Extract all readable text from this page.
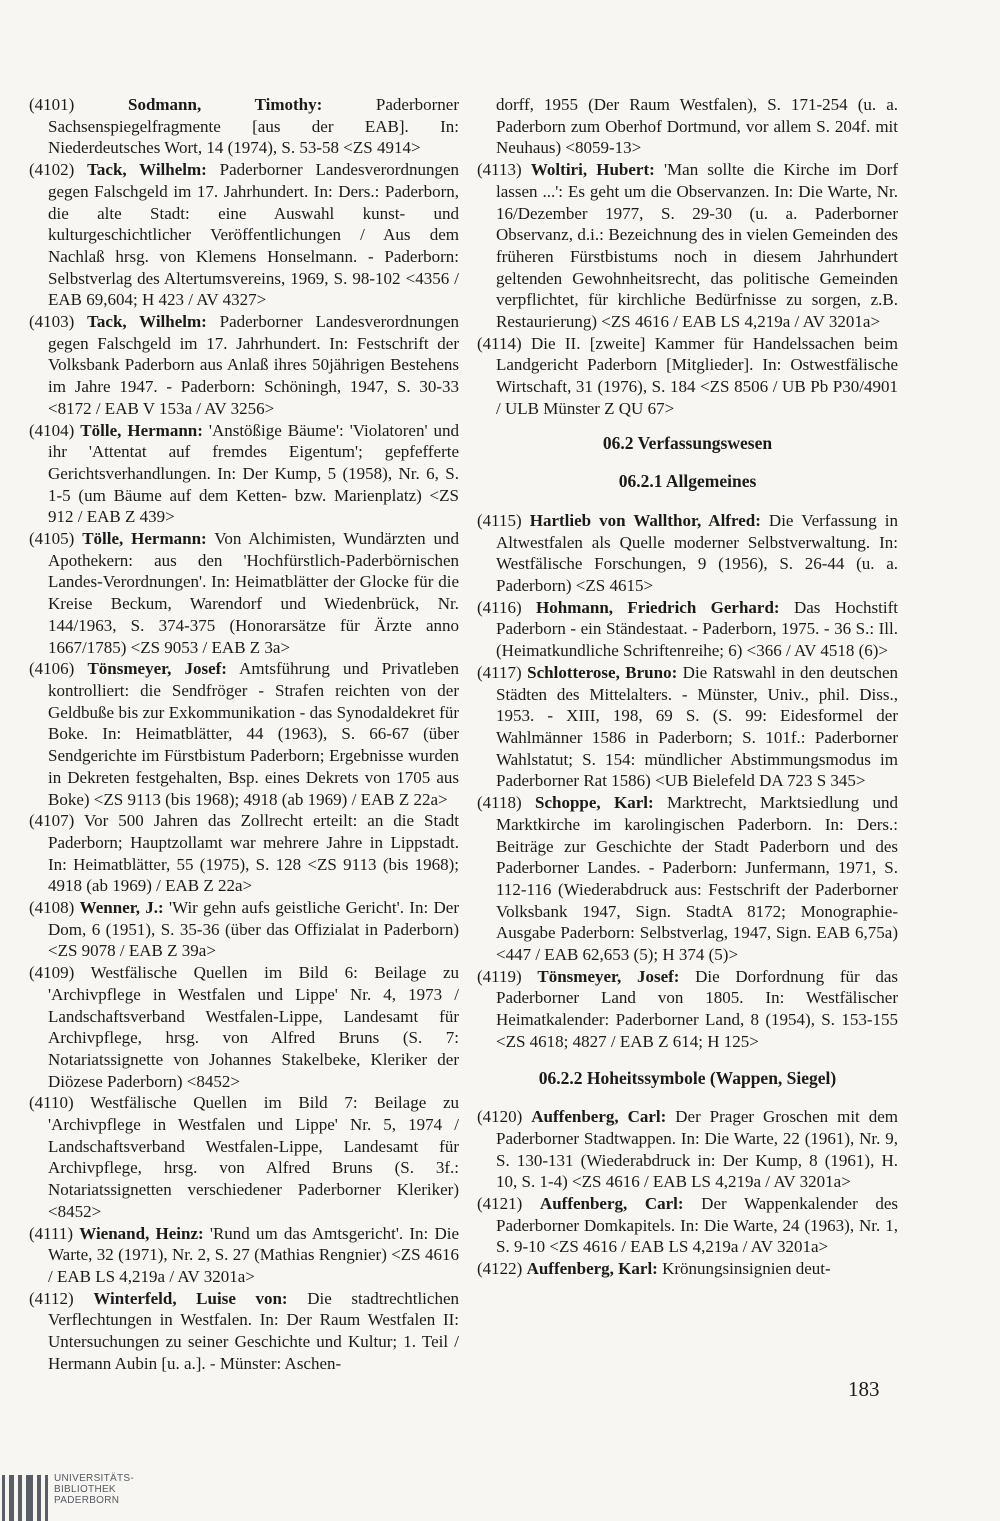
(4101) Sodmann, Timothy: Paderborner Sachsenspiegelfragmente [aus der EAB]. In: Niederdeutsches Wort, 14 (1974), S. 53-58 <ZS 4914>

(4102) Tack, Wilhelm: Paderborner Landesverordnungen gegen Falschgeld im 17. Jahrhundert. In: Ders.: Paderborn, die alte Stadt: eine Auswahl kunst- und kulturgeschichtlicher Veröffentlichungen / Aus dem Nachlaß hrsg. von Klemens Honselmann. - Paderborn: Selbstverlag des Altertumsvereins, 1969, S. 98-102 <4356 / EAB 69,604; H 423 / AV 4327>

(4103) Tack, Wilhelm: Paderborner Landesverordnungen gegen Falschgeld im 17. Jahrhundert. In: Festschrift der Volksbank Paderborn aus Anlaß ihres 50jährigen Bestehens im Jahre 1947. - Paderborn: Schöningh, 1947, S. 30-33 <8172 / EAB V 153a / AV 3256>

(4104) Tölle, Hermann: 'Anstößige Bäume': 'Violatoren' und ihr 'Attentat auf fremdes Eigentum'; gepfefferte Gerichtsverhandlungen. In: Der Kump, 5 (1958), Nr. 6, S. 1-5 (um Bäume auf dem Ketten- bzw. Marienplatz) <ZS 912 / EAB Z 439>

(4105) Tölle, Hermann: Von Alchimisten, Wundärzten und Apothekern: aus den 'Hochfürstlich-Paderbörnischen Landes-Verordnungen'. In: Heimatblätter der Glocke für die Kreise Beckum, Warendorf und Wiedenbrück, Nr. 144/1963, S. 374-375 (Honorarsätze für Ärzte anno 1667/1785) <ZS 9053 / EAB Z 3a>

(4106) Tönsmeyer, Josef: Amtsführung und Privatleben kontrolliert: die Sendfröger - Strafen reichten von der Geldbuße bis zur Exkommunikation - das Synodaldekret für Boke. In: Heimatblätter, 44 (1963), S. 66-67 (über Sendgerichte im Fürstbistum Paderborn; Ergebnisse wurden in Dekreten festgehalten, Bsp. eines Dekrets von 1705 aus Boke) <ZS 9113 (bis 1968); 4918 (ab 1969) / EAB Z 22a>

(4107) Vor 500 Jahren das Zollrecht erteilt: an die Stadt Paderborn; Hauptzollamt war mehrere Jahre in Lippstadt. In: Heimatblätter, 55 (1975), S. 128 <ZS 9113 (bis 1968); 4918 (ab 1969) / EAB Z 22a>

(4108) Wenner, J.: 'Wir gehn aufs geistliche Gericht'. In: Der Dom, 6 (1951), S. 35-36 (über das Offizialat in Paderborn) <ZS 9078 / EAB Z 39a>

(4109) Westfälische Quellen im Bild 6: Beilage zu 'Archivpflege in Westfalen und Lippe' Nr. 4, 1973 / Landschaftsverband Westfalen-Lippe, Landesamt für Archivpflege, hrsg. von Alfred Bruns (S. 7: Notariatssignette von Johannes Stakelbeke, Kleriker der Diözese Paderborn) <8452>

(4110) Westfälische Quellen im Bild 7: Beilage zu 'Archivpflege in Westfalen und Lippe' Nr. 5, 1974 / Landschaftsverband Westfalen-Lippe, Landesamt für Archivpflege, hrsg. von Alfred Bruns (S. 3f.: Notariatssignetten verschiedener Paderborner Kleriker) <8452>

(4111) Wienand, Heinz: 'Rund um das Amtsgericht'. In: Die Warte, 32 (1971), Nr. 2, S. 27 (Mathias Rengnier) <ZS 4616 / EAB LS 4,219a / AV 3201a>

(4112) Winterfeld, Luise von: Die stadtrechtlichen Verflechtungen in Westfalen. In: Der Raum Westfalen II: Untersuchungen zu seiner Geschichte und Kultur; 1. Teil / Hermann Aubin [u. a.]. - Münster: Aschen-

dorff, 1955 (Der Raum Westfalen), S. 171-254 (u. a. Paderborn zum Oberhof Dortmund, vor allem S. 204f. mit Neuhaus) <8059-13>

(4113) Woltiri, Hubert: 'Man sollte die Kirche im Dorf lassen ...': Es geht um die Observanzen. In: Die Warte, Nr. 16/Dezember 1977, S. 29-30 (u. a. Paderborner Observanz, d.i.: Bezeichnung des in vielen Gemeinden des früheren Fürstbistums noch in diesem Jahrhundert geltenden Gewohnheitsrecht, das politische Gemeinden verpflichtet, für kirchliche Bedürfnisse zu sorgen, z.B. Restaurierung) <ZS 4616 / EAB LS 4,219a / AV 3201a>

(4114) Die II. [zweite] Kammer für Handelssachen beim Landgericht Paderborn [Mitglieder]. In: Ostwestfälische Wirtschaft, 31 (1976), S. 184 <ZS 8506 / UB Pb P30/4901 / ULB Münster Z QU 67>

06.2 Verfassungswesen

06.2.1 Allgemeines

(4115) Hartlieb von Wallthor, Alfred: Die Verfassung in Altwestfalen als Quelle moderner Selbstverwaltung. In: Westfälische Forschungen, 9 (1956), S. 26-44 (u. a. Paderborn) <ZS 4615>

(4116) Hohmann, Friedrich Gerhard: Das Hochstift Paderborn - ein Ständestaat. - Paderborn, 1975. - 36 S.: Ill. (Heimatkundliche Schriftenreihe; 6) <366 / AV 4518 (6)>

(4117) Schlotterose, Bruno: Die Ratswahl in den deutschen Städten des Mittelalters. - Münster, Univ., phil. Diss., 1953. - XIII, 198, 69 S. (S. 99: Eidesformel der Wahlmänner 1586 in Paderborn; S. 101f.: Paderborner Wahlstatut; S. 154: mündlicher Abstimmungsmodus im Paderborner Rat 1586) <UB Bielefeld DA 723 S 345>

(4118) Schoppe, Karl: Marktrecht, Marktsiedlung und Marktkirche im karolingischen Paderborn. In: Ders.: Beiträge zur Geschichte der Stadt Paderborn und des Paderborner Landes. - Paderborn: Junfermann, 1971, S. 112-116 (Wiederabdruck aus: Festschrift der Paderborner Volksbank 1947, Sign. StadtA 8172; Monographie-Ausgabe Paderborn: Selbstverlag, 1947, Sign. EAB 6,75a) <447 / EAB 62,653 (5); H 374 (5)>

(4119) Tönsmeyer, Josef: Die Dorfordnung für das Paderborner Land von 1805. In: Westfälischer Heimatkalender: Paderborner Land, 8 (1954), S. 153-155 <ZS 4618; 4827 / EAB Z 614; H 125>

06.2.2 Hoheitssymbole (Wappen, Siegel)

(4120) Auffenberg, Carl: Der Prager Groschen mit dem Paderborner Stadtwappen. In: Die Warte, 22 (1961), Nr. 9, S. 130-131 (Wiederabdruck in: Der Kump, 8 (1961), H. 10, S. 1-4) <ZS 4616 / EAB LS 4,219a / AV 3201a>

(4121) Auffenberg, Carl: Der Wappenkalender des Paderborner Domkapitels. In: Die Warte, 24 (1963), Nr. 1, S. 9-10 <ZS 4616 / EAB LS 4,219a / AV 3201a>

(4122) Auffenberg, Karl: Krönungsinsignien deut-

183
UNIVERSITÄTS-
BIBLIOTHEK
PADERBORN
